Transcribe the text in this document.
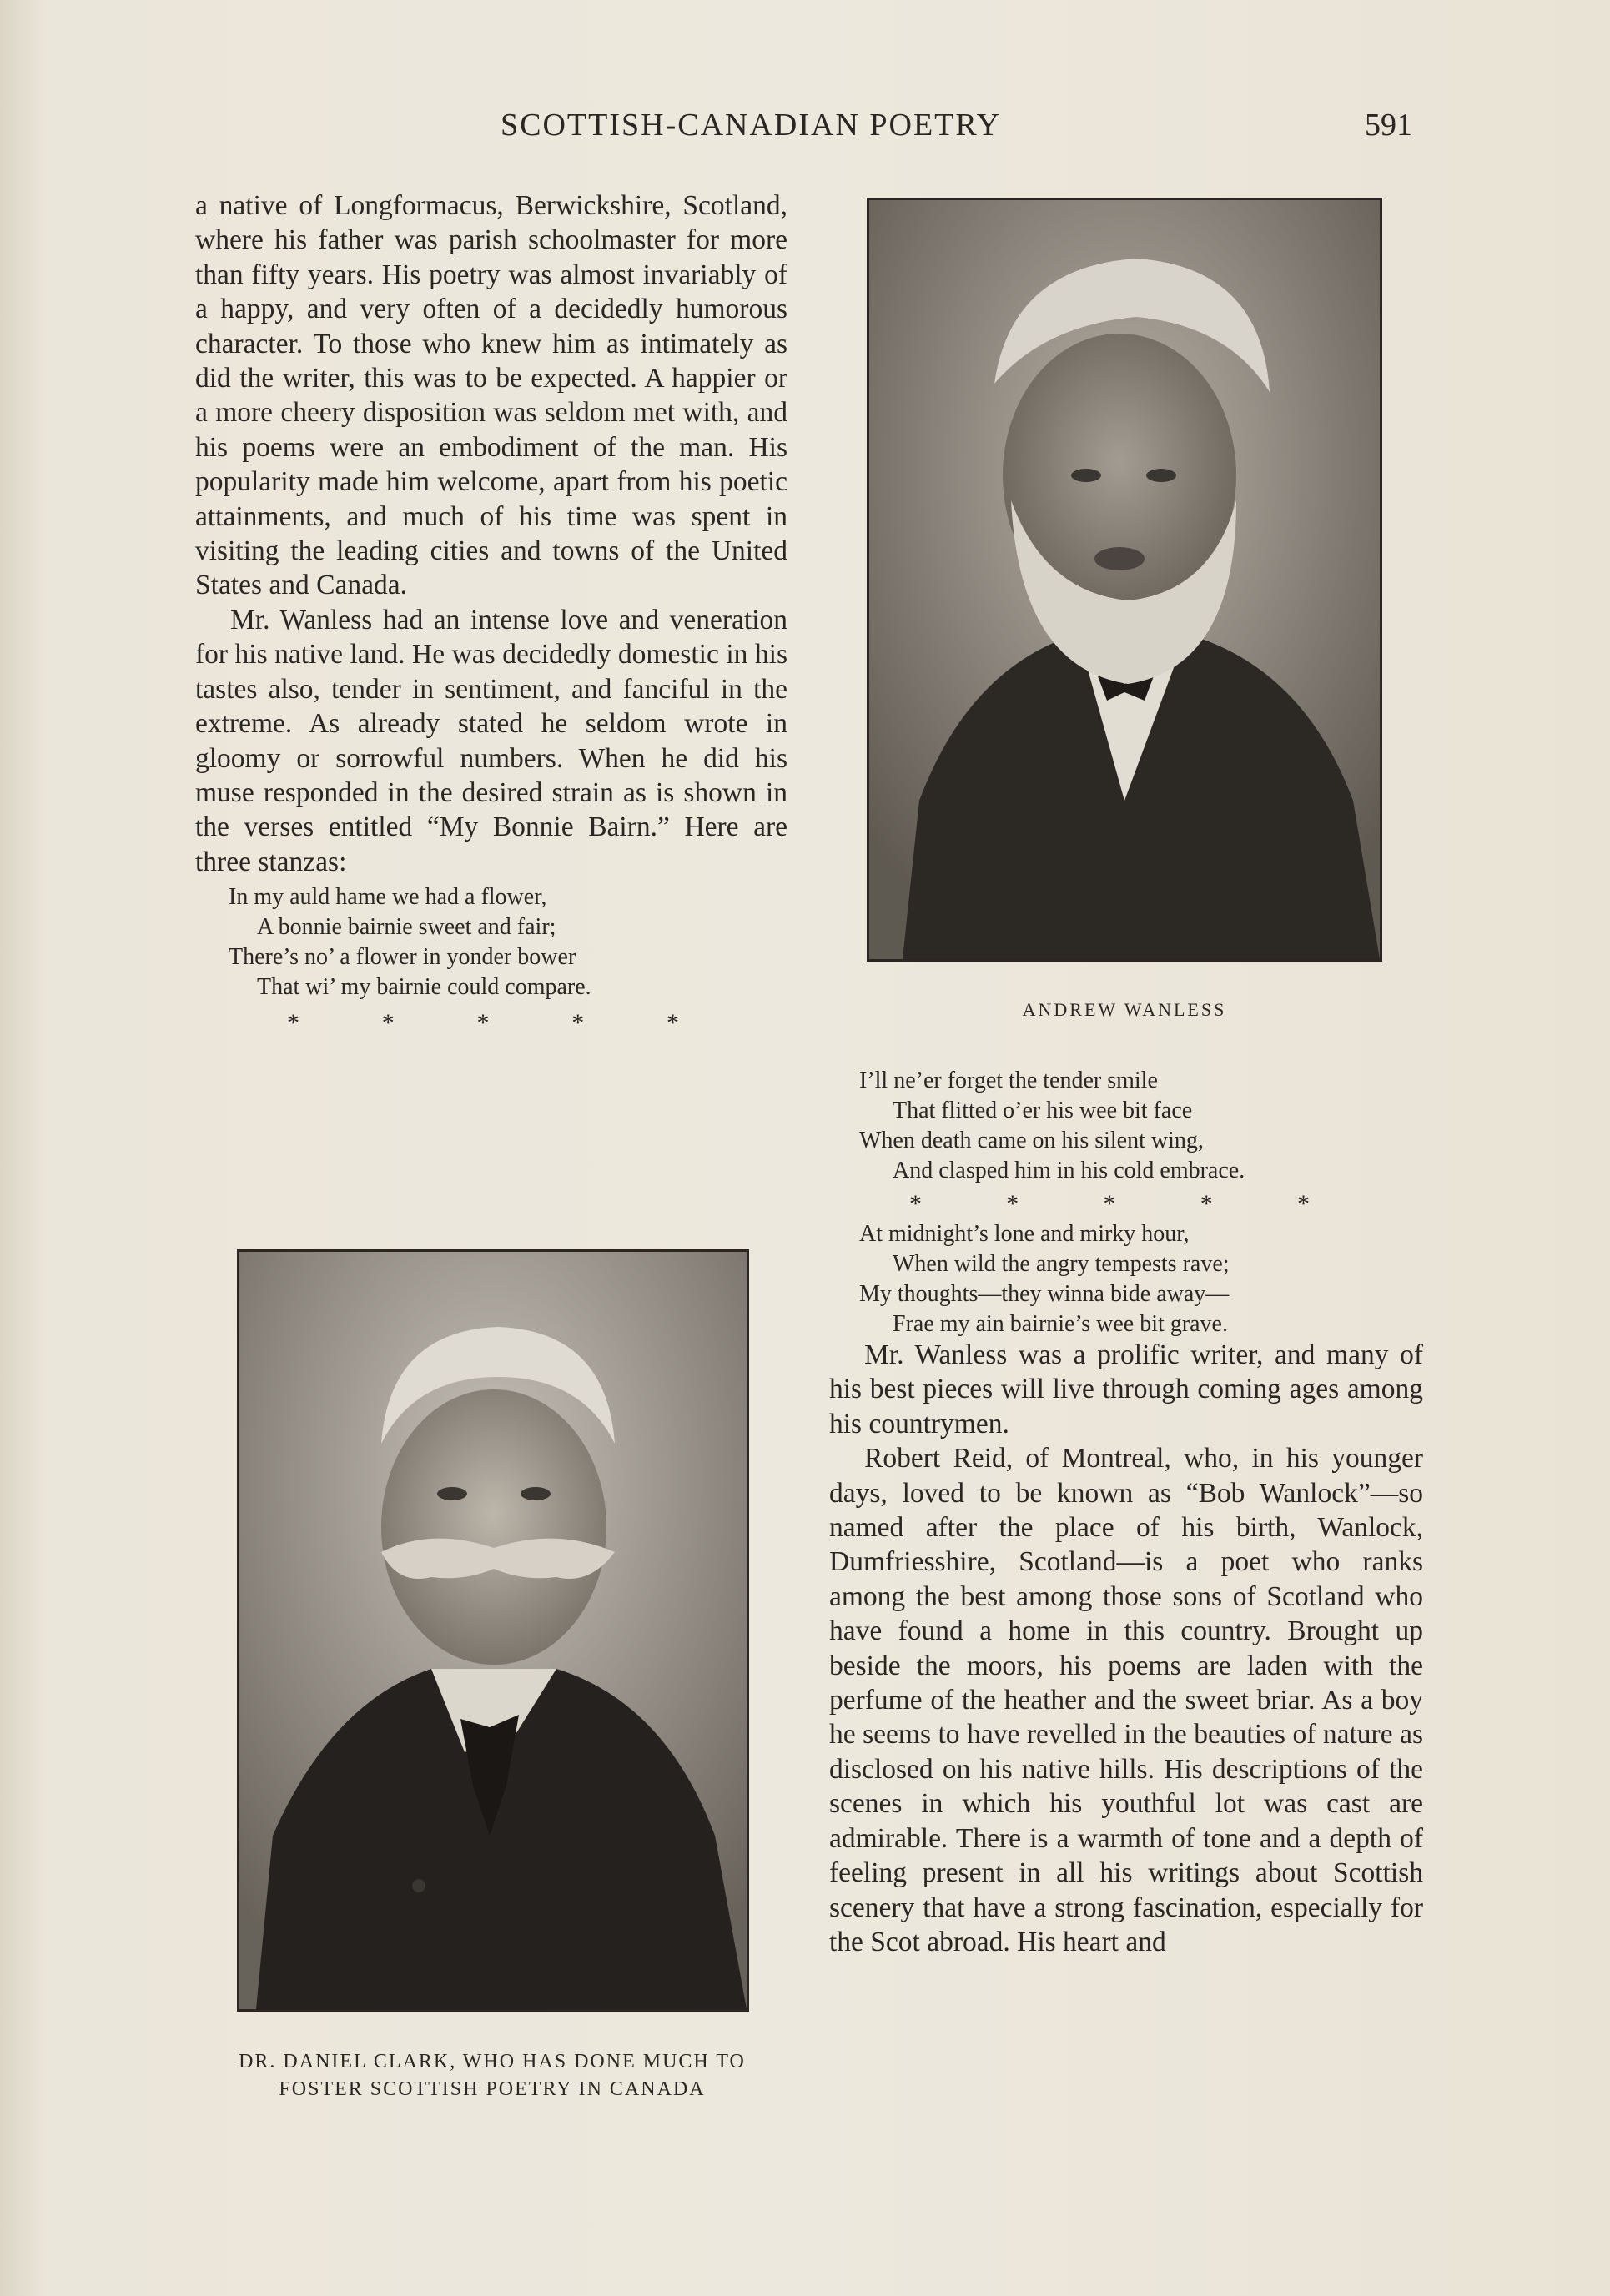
SCOTTISH-CANADIAN POETRY	591

a native of Longformacus, Berwickshire, Scotland, where his father was parish schoolmaster for more than fifty years. His poetry was almost invariably of a happy, and very often of a decidedly humorous character. To those who knew him as intimately as did the writer, this was to be expected. A happier or a more cheery disposition was seldom met with, and his poems were an embodiment of the man. His popularity made him welcome, apart from his poetic attainments, and much of his time was spent in visiting the leading cities and towns of the United States and Canada.

Mr. Wanless had an intense love and veneration for his native land. He was decidedly domestic in his tastes also, tender in sentiment, and fanciful in the extreme. As already stated he seldom wrote in gloomy or sorrowful numbers. When he did his muse responded in the desired strain as is shown in the verses entitled “My Bonnie Bairn.” Here are three stanzas:

In my auld hame we had a flower,
A bonnie bairnie sweet and fair;
There’s no’ a flower in yonder bower
That wi’ my bairnie could compare.
*	*	*	*	*	ANDREW WANLESS
DR. DANIEL CLARK, WHO HAS DONE MUCH TO
FOSTER SCOTTISH POETRY IN CANADA
I’ll ne’er forget the tender smile
That flitted o’er his wee bit face
When death came on his silent wing,
And clasped him in his cold embrace.
*	*	*	*	*
At midnight’s lone and mirky hour,
When wild the angry tempests rave;
My thoughts—they winna bide away—
Frae my ain bairnie’s wee bit grave.

Mr. Wanless was a prolific writer, and many of his best pieces will live through coming ages among his countrymen.

Robert Reid, of Montreal, who, in his younger days, loved to be known as “Bob Wanlock”—so named after the place of his birth, Wanlock, Dumfriesshire, Scotland—is a poet who ranks among the best among those sons of Scotland who have found a home in this country. Brought up beside the moors, his poems are laden with the perfume of the heather and the sweet briar. As a boy he seems to have revelled in the beauties of nature as disclosed on his native hills. His descriptions of the scenes in which his youthful lot was cast are admirable. There is a warmth of tone and a depth of feeling present in all his writings about Scottish scenery that have a strong fascination, especially for the Scot abroad. His heart and
